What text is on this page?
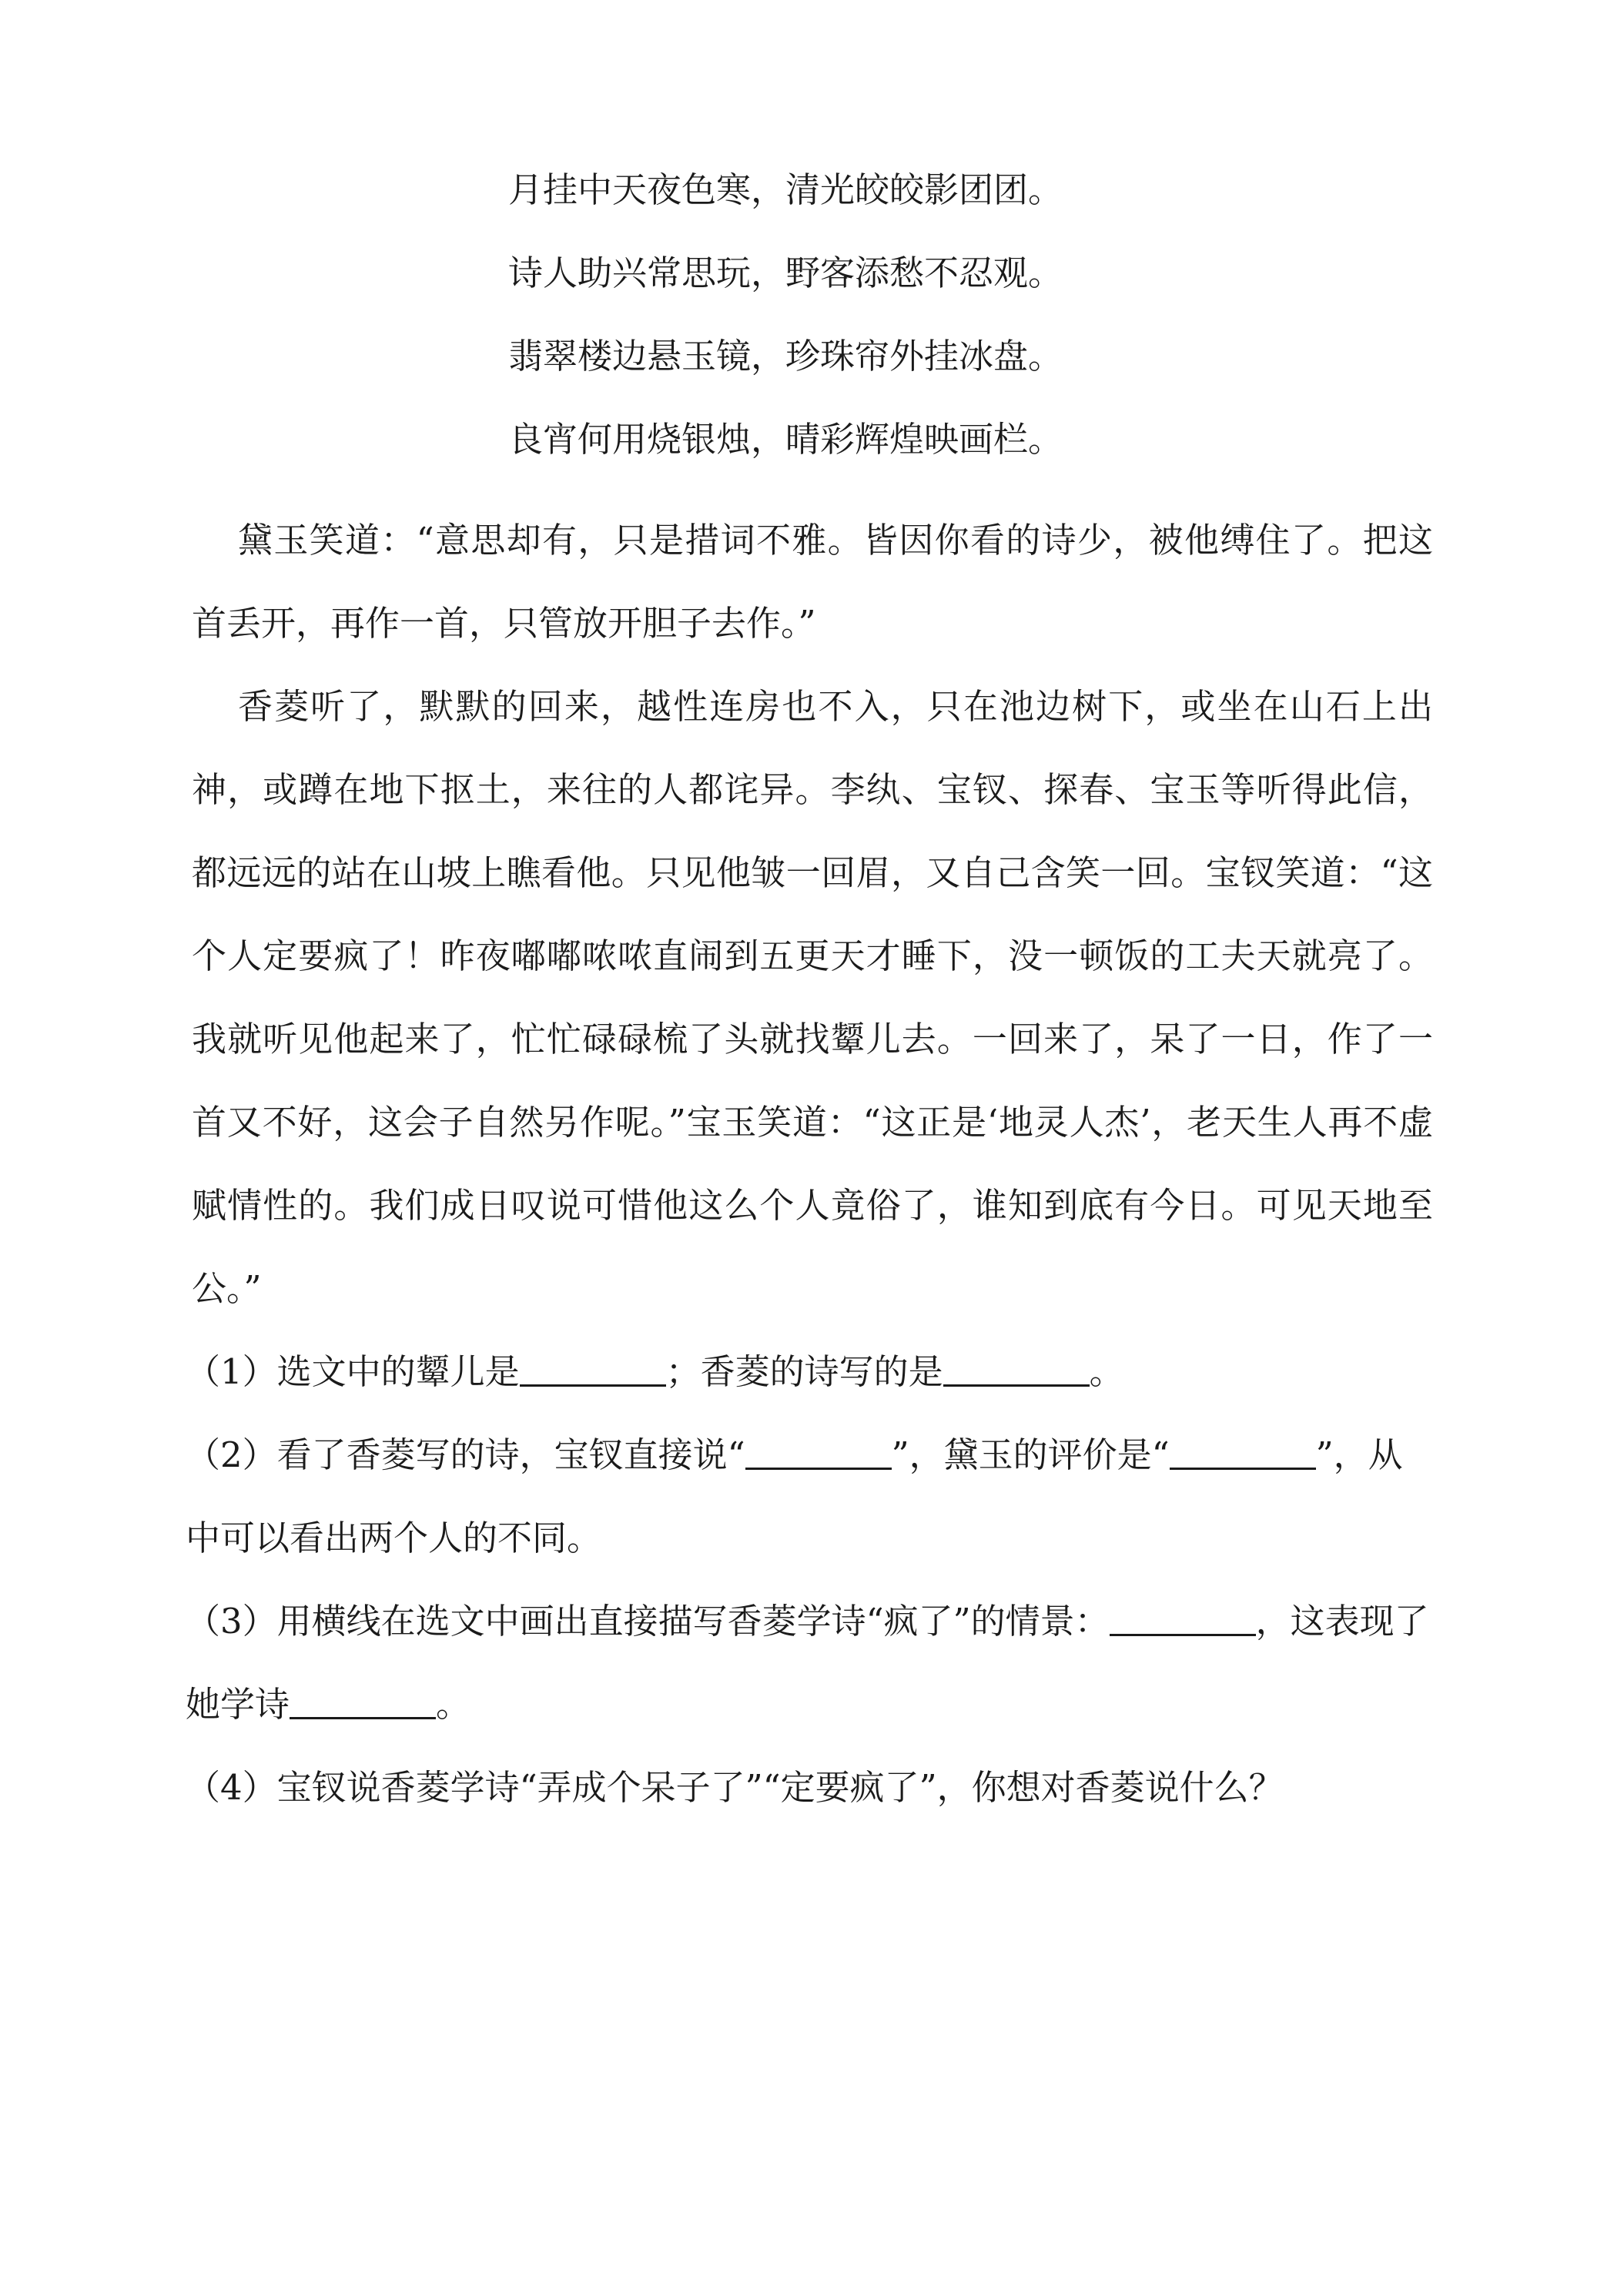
月挂中天夜色寒，清光皎皎影团团。
诗人助兴常思玩，野客添愁不忍观。
翡翠楼边悬玉镜，珍珠帘外挂冰盘。
良宵何用烧银烛，晴彩辉煌映画栏。

黛玉笑道：“意思却有，只是措词不雅。皆因你看的诗少，被他缚住了。把这首丢开，再作一首，只管放开胆子去作。”

香菱听了，默默的回来，越性连房也不入，只在池边树下，或坐在山石上出神，或蹲在地下抠土，来往的人都诧异。李纨、宝钗、探春、宝玉等听得此信，都远远的站在山坡上瞧看他。只见他皱一回眉，又自己含笑一回。宝钗笑道：“这个人定要疯了！昨夜嘟嘟哝哝直闹到五更天才睡下，没一顿饭的工夫天就亮了。我就听见他起来了，忙忙碌碌梳了头就找颦儿去。一回来了，呆了一日，作了一首又不好，这会子自然另作呢。”宝玉笑道：“这正是‘地灵人杰’，老天生人再不虚赋情性的。我们成日叹说可惜他这么个人竟俗了，谁知到底有今日。可见天地至公。”

（1）选文中的颦儿是	；香菱的诗写的是	。

（2）看了香菱写的诗，宝钗直接说“	”，黛玉的评价是“	”，从中可以看出两个人的不同。

（3）用横线在选文中画出直接描写香菱学诗“疯了”的情景：	，这表现了她学诗	。

（4）宝钗说香菱学诗“弄成个呆子了”“定要疯了”，你想对香菱说什么？
